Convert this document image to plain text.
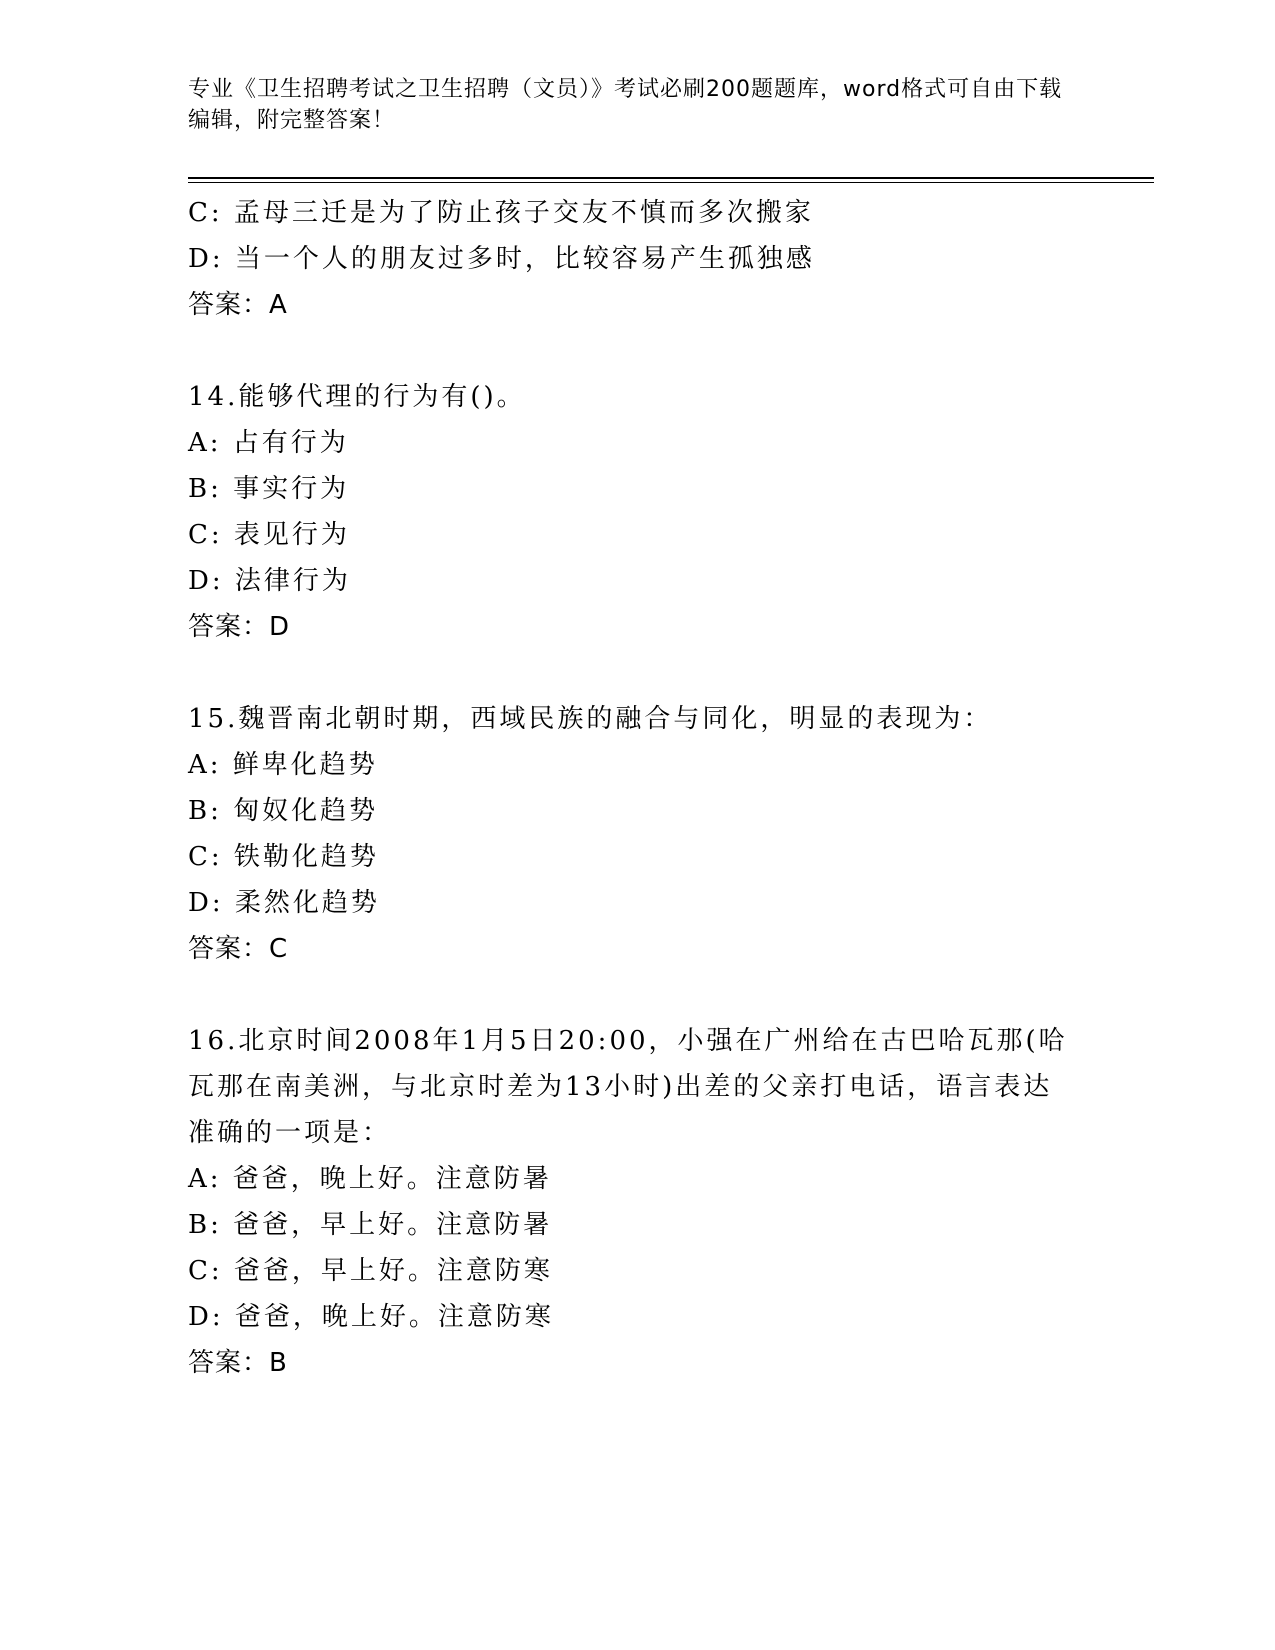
专业《卫生招聘考试之卫生招聘（文员）》考试必刷200题题库，word格式可自由下载编辑，附完整答案！

C: 孟母三迁是为了防止孩子交友不慎而多次搬家
D: 当一个人的朋友过多时，比较容易产生孤独感
答案：A
14.能够代理的行为有()。
A: 占有行为
B: 事实行为
C: 表见行为
D: 法律行为
答案：D
15.魏晋南北朝时期，西域民族的融合与同化，明显的表现为：
A: 鲜卑化趋势
B: 匈奴化趋势
C: 铁勒化趋势
D: 柔然化趋势
答案：C
16.北京时间2008年1月5日20:00，小强在广州给在古巴哈瓦那(哈瓦那在南美洲，与北京时差为13小时)出差的父亲打电话，语言表达准确的一项是：
A: 爸爸，晚上好。注意防暑
B: 爸爸，早上好。注意防暑
C: 爸爸，早上好。注意防寒
D: 爸爸，晚上好。注意防寒
答案：B
